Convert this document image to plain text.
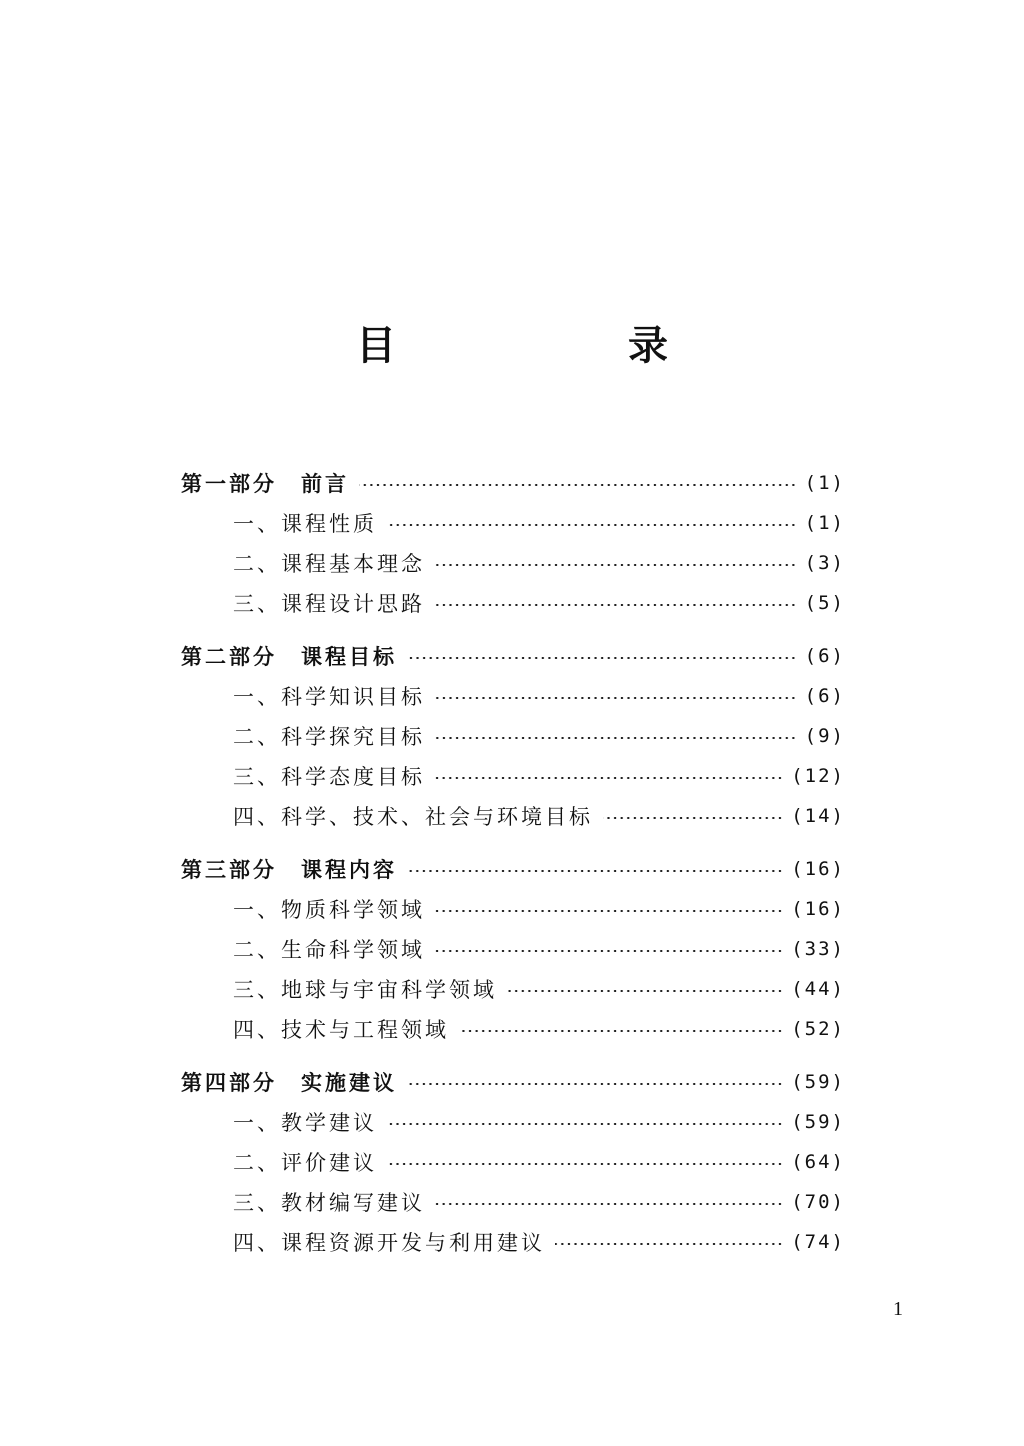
目　录
第一部分　前言	(1)
一、课程性质	(1)
二、课程基本理念	(3)
三、课程设计思路	(5)
第二部分　课程目标	(6)
一、科学知识目标	(6)
二、科学探究目标	(9)
三、科学态度目标	(12)
四、科学、技术、社会与环境目标	(14)
第三部分　课程内容	(16)
一、物质科学领域	(16)
二、生命科学领域	(33)
三、地球与宇宙科学领域	(44)
四、技术与工程领域	(52)
第四部分　实施建议	(59)
一、教学建议	(59)
二、评价建议	(64)
三、教材编写建议	(70)
四、课程资源开发与利用建议	(74)
1
